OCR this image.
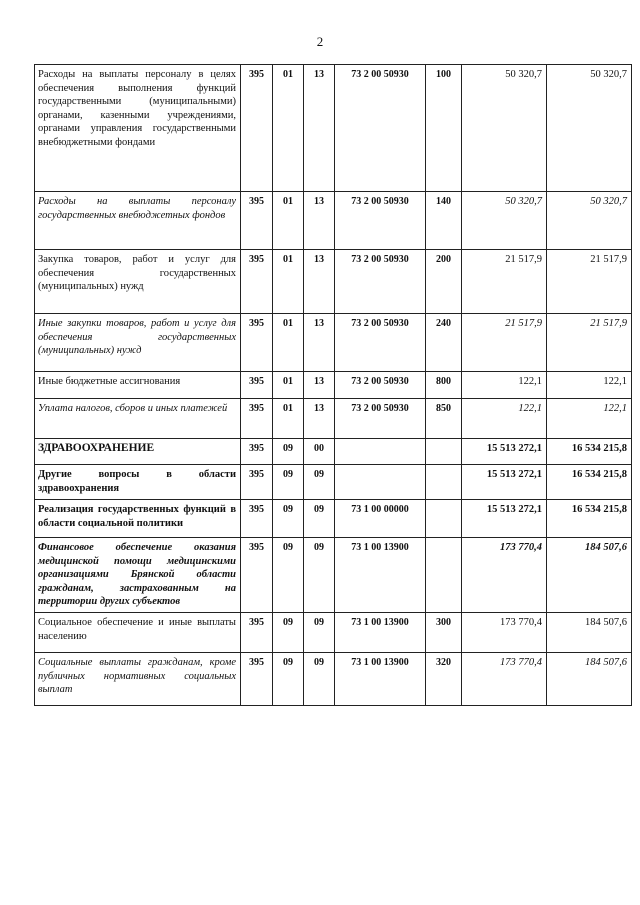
2
Расходы на выплаты персоналу в целях обеспечения выполнения функций государственными (муниципальными) органами, казенными учреждениями, органами управления государственными внебюджетными фондами	395	01	13	73 2 00 50930	100	50 320,7	50 320,7
Расходы на выплаты персоналу государственных внебюджетных фондов	395	01	13	73 2 00 50930	140	50 320,7	50 320,7
Закупка товаров, работ и услуг для обеспечения государственных (муниципальных) нужд	395	01	13	73 2 00 50930	200	21 517,9	21 517,9
Иные закупки товаров, работ и услуг для обеспечения государственных (муниципальных) нужд	395	01	13	73 2 00 50930	240	21 517,9	21 517,9
Иные бюджетные ассигнования	395	01	13	73 2 00 50930	800	122,1	122,1
Уплата налогов, сборов и иных платежей	395	01	13	73 2 00 50930	850	122,1	122,1
ЗДРАВООХРАНЕНИЕ	395	09	00			15 513 272,1	16 534 215,8
Другие вопросы в области здравоохранения	395	09	09			15 513 272,1	16 534 215,8
Реализация государственных функций в области социальной политики	395	09	09	73 1 00 00000		15 513 272,1	16 534 215,8
Финансовое обеспечение оказания медицинской помощи медицинскими организациями Брянской области гражданам, застрахованным на территории других субъектов	395	09	09	73 1 00 13900		173 770,4	184 507,6
Социальное обеспечение и иные выплаты населению	395	09	09	73 1 00 13900	300	173 770,4	184 507,6
Социальные выплаты гражданам, кроме публичных нормативных социальных выплат	395	09	09	73 1 00 13900	320	173 770,4	184 507,6
